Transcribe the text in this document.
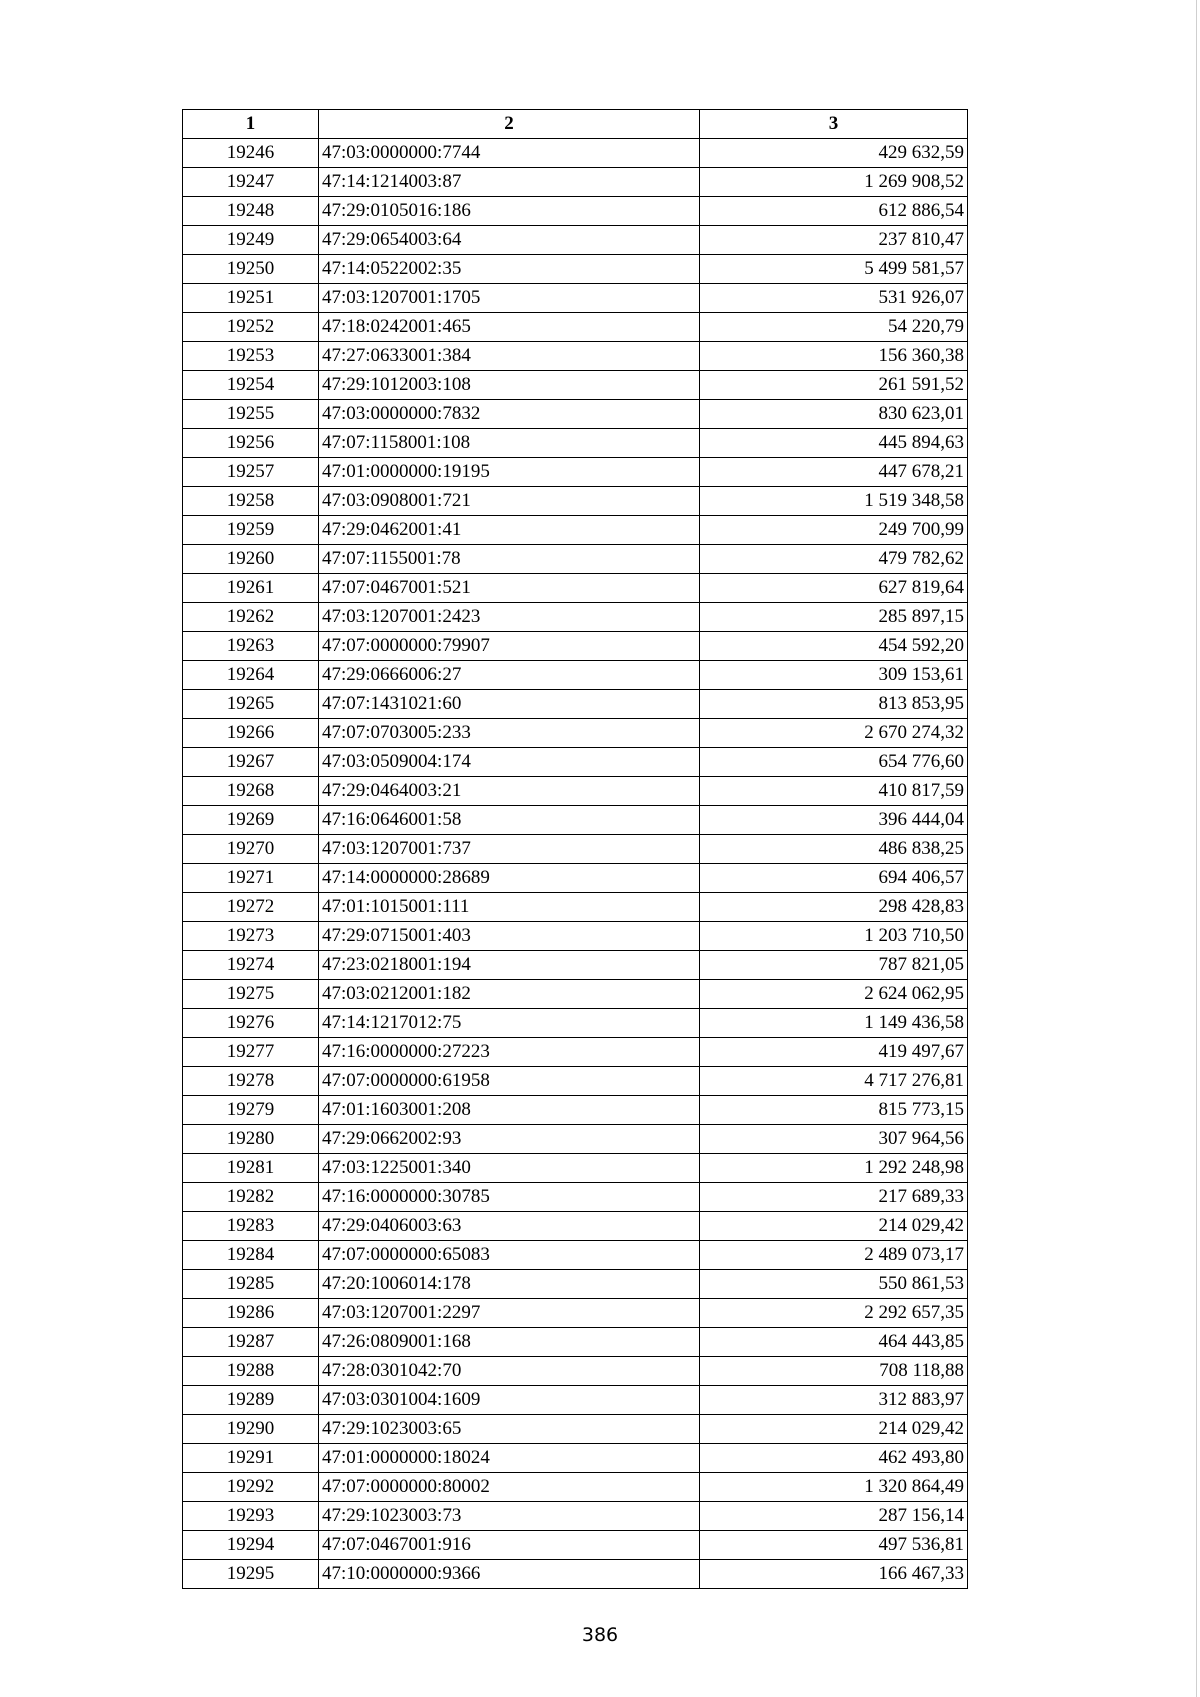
1	2	3
19246	47:03:0000000:7744	429 632,59
19247	47:14:1214003:87	1 269 908,52
19248	47:29:0105016:186	612 886,54
19249	47:29:0654003:64	237 810,47
19250	47:14:0522002:35	5 499 581,57
19251	47:03:1207001:1705	531 926,07
19252	47:18:0242001:465	54 220,79
19253	47:27:0633001:384	156 360,38
19254	47:29:1012003:108	261 591,52
19255	47:03:0000000:7832	830 623,01
19256	47:07:1158001:108	445 894,63
19257	47:01:0000000:19195	447 678,21
19258	47:03:0908001:721	1 519 348,58
19259	47:29:0462001:41	249 700,99
19260	47:07:1155001:78	479 782,62
19261	47:07:0467001:521	627 819,64
19262	47:03:1207001:2423	285 897,15
19263	47:07:0000000:79907	454 592,20
19264	47:29:0666006:27	309 153,61
19265	47:07:1431021:60	813 853,95
19266	47:07:0703005:233	2 670 274,32
19267	47:03:0509004:174	654 776,60
19268	47:29:0464003:21	410 817,59
19269	47:16:0646001:58	396 444,04
19270	47:03:1207001:737	486 838,25
19271	47:14:0000000:28689	694 406,57
19272	47:01:1015001:111	298 428,83
19273	47:29:0715001:403	1 203 710,50
19274	47:23:0218001:194	787 821,05
19275	47:03:0212001:182	2 624 062,95
19276	47:14:1217012:75	1 149 436,58
19277	47:16:0000000:27223	419 497,67
19278	47:07:0000000:61958	4 717 276,81
19279	47:01:1603001:208	815 773,15
19280	47:29:0662002:93	307 964,56
19281	47:03:1225001:340	1 292 248,98
19282	47:16:0000000:30785	217 689,33
19283	47:29:0406003:63	214 029,42
19284	47:07:0000000:65083	2 489 073,17
19285	47:20:1006014:178	550 861,53
19286	47:03:1207001:2297	2 292 657,35
19287	47:26:0809001:168	464 443,85
19288	47:28:0301042:70	708 118,88
19289	47:03:0301004:1609	312 883,97
19290	47:29:1023003:65	214 029,42
19291	47:01:0000000:18024	462 493,80
19292	47:07:0000000:80002	1 320 864,49
19293	47:29:1023003:73	287 156,14
19294	47:07:0467001:916	497 536,81
19295	47:10:0000000:9366	166 467,33
386
